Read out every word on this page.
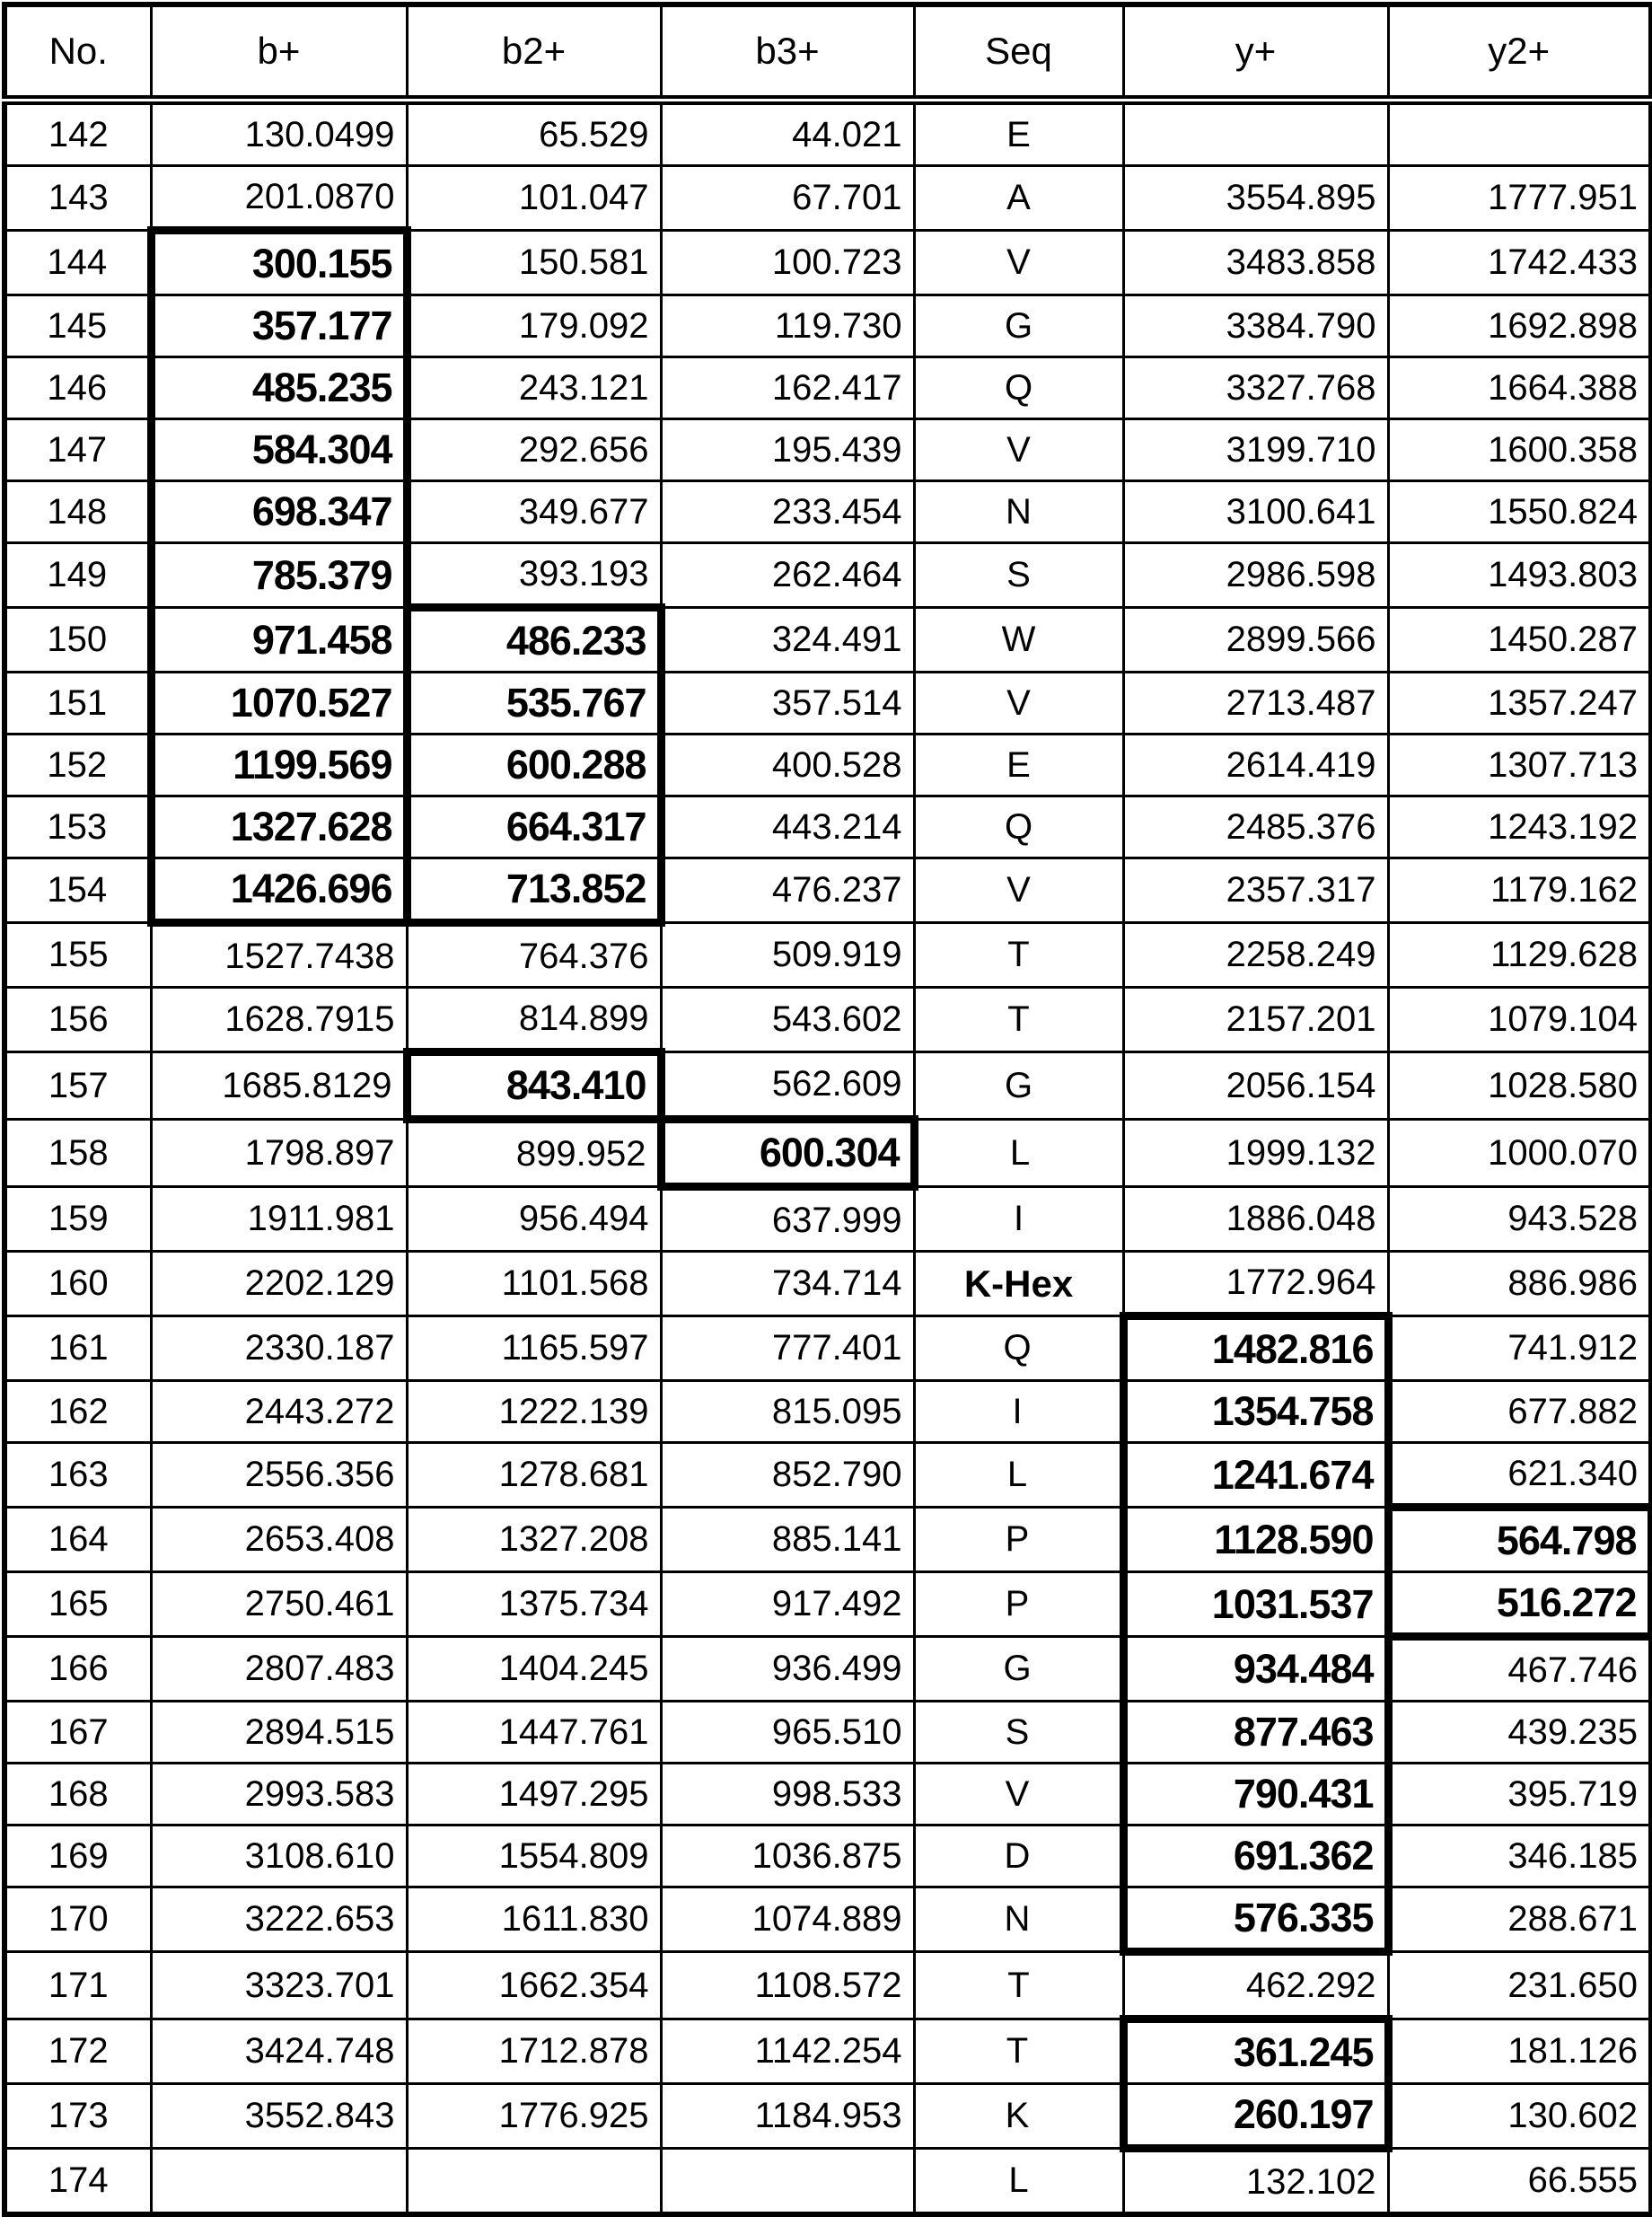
No.	b+	b2+	b3+	Seq	y+	y2+
142	130.0499	65.529	44.021	E		
143	201.0870	101.047	67.701	A	3554.895	1777.951
144	300.155	150.581	100.723	V	3483.858	1742.433
145	357.177	179.092	119.730	G	3384.790	1692.898
146	485.235	243.121	162.417	Q	3327.768	1664.388
147	584.304	292.656	195.439	V	3199.710	1600.358
148	698.347	349.677	233.454	N	3100.641	1550.824
149	785.379	393.193	262.464	S	2986.598	1493.803
150	971.458	486.233	324.491	W	2899.566	1450.287
151	1070.527	535.767	357.514	V	2713.487	1357.247
152	1199.569	600.288	400.528	E	2614.419	1307.713
153	1327.628	664.317	443.214	Q	2485.376	1243.192
154	1426.696	713.852	476.237	V	2357.317	1179.162
155	1527.7438	764.376	509.919	T	2258.249	1129.628
156	1628.7915	814.899	543.602	T	2157.201	1079.104
157	1685.8129	843.410	562.609	G	2056.154	1028.580
158	1798.897	899.952	600.304	L	1999.132	1000.070
159	1911.981	956.494	637.999	I	1886.048	943.528
160	2202.129	1101.568	734.714	K-Hex	1772.964	886.986
161	2330.187	1165.597	777.401	Q	1482.816	741.912
162	2443.272	1222.139	815.095	I	1354.758	677.882
163	2556.356	1278.681	852.790	L	1241.674	621.340
164	2653.408	1327.208	885.141	P	1128.590	564.798
165	2750.461	1375.734	917.492	P	1031.537	516.272
166	2807.483	1404.245	936.499	G	934.484	467.746
167	2894.515	1447.761	965.510	S	877.463	439.235
168	2993.583	1497.295	998.533	V	790.431	395.719
169	3108.610	1554.809	1036.875	D	691.362	346.185
170	3222.653	1611.830	1074.889	N	576.335	288.671
171	3323.701	1662.354	1108.572	T	462.292	231.650
172	3424.748	1712.878	1142.254	T	361.245	181.126
173	3552.843	1776.925	1184.953	K	260.197	130.602
174				L	132.102	66.555
